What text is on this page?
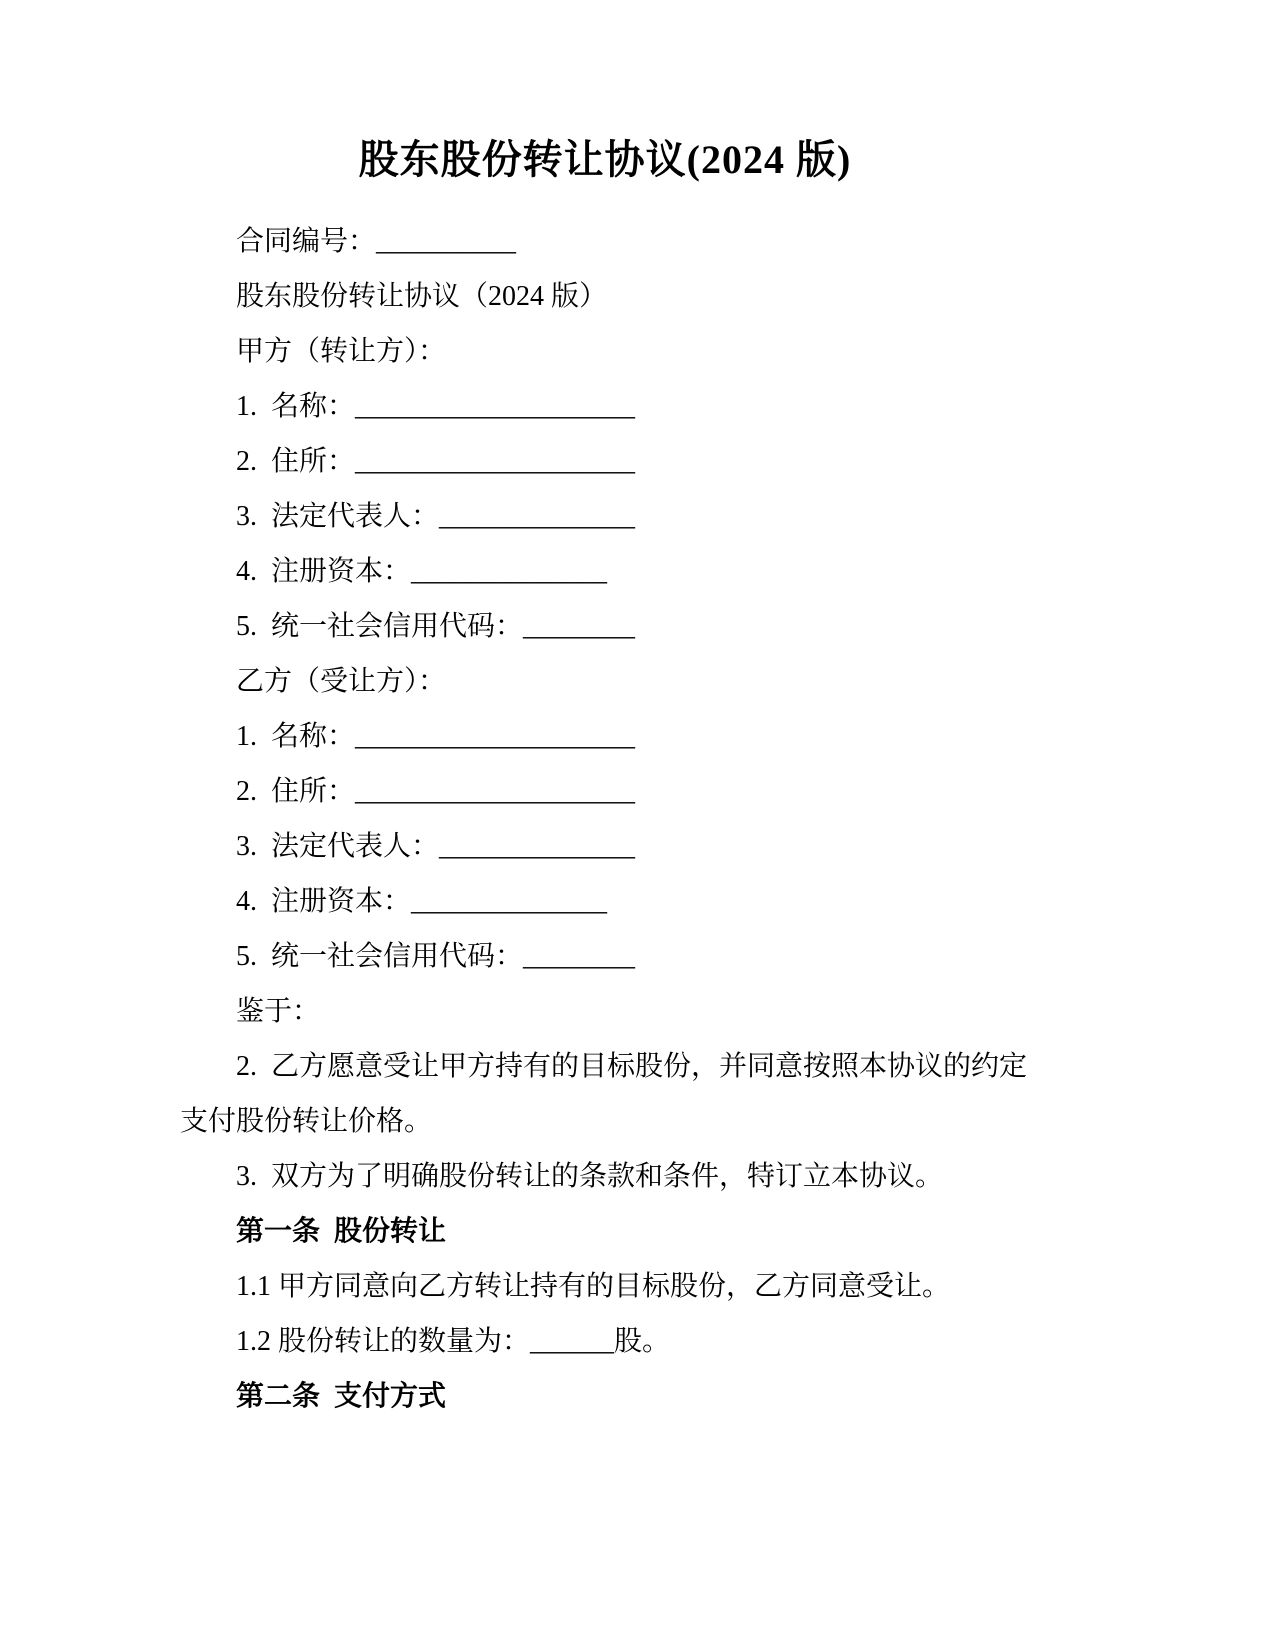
股东股份转让协议(2024 版)

合同编号：__________

股东股份转让协议（2024 版）

甲方（转让方）：

1.  名称：____________________

2.  住所：____________________

3.  法定代表人：______________

4.  注册资本：______________

5.  统一社会信用代码：________

乙方（受让方）：

1.  名称：____________________

2.  住所：____________________

3.  法定代表人：______________

4.  注册资本：______________

5.  统一社会信用代码：________

鉴于：

2.  乙方愿意受让甲方持有的目标股份，并同意按照本协议的约定支付股份转让价格。

3.  双方为了明确股份转让的条款和条件，特订立本协议。

第一条  股份转让

1.1 甲方同意向乙方转让持有的目标股份，乙方同意受让。

1.2 股份转让的数量为：______股。

第二条  支付方式
